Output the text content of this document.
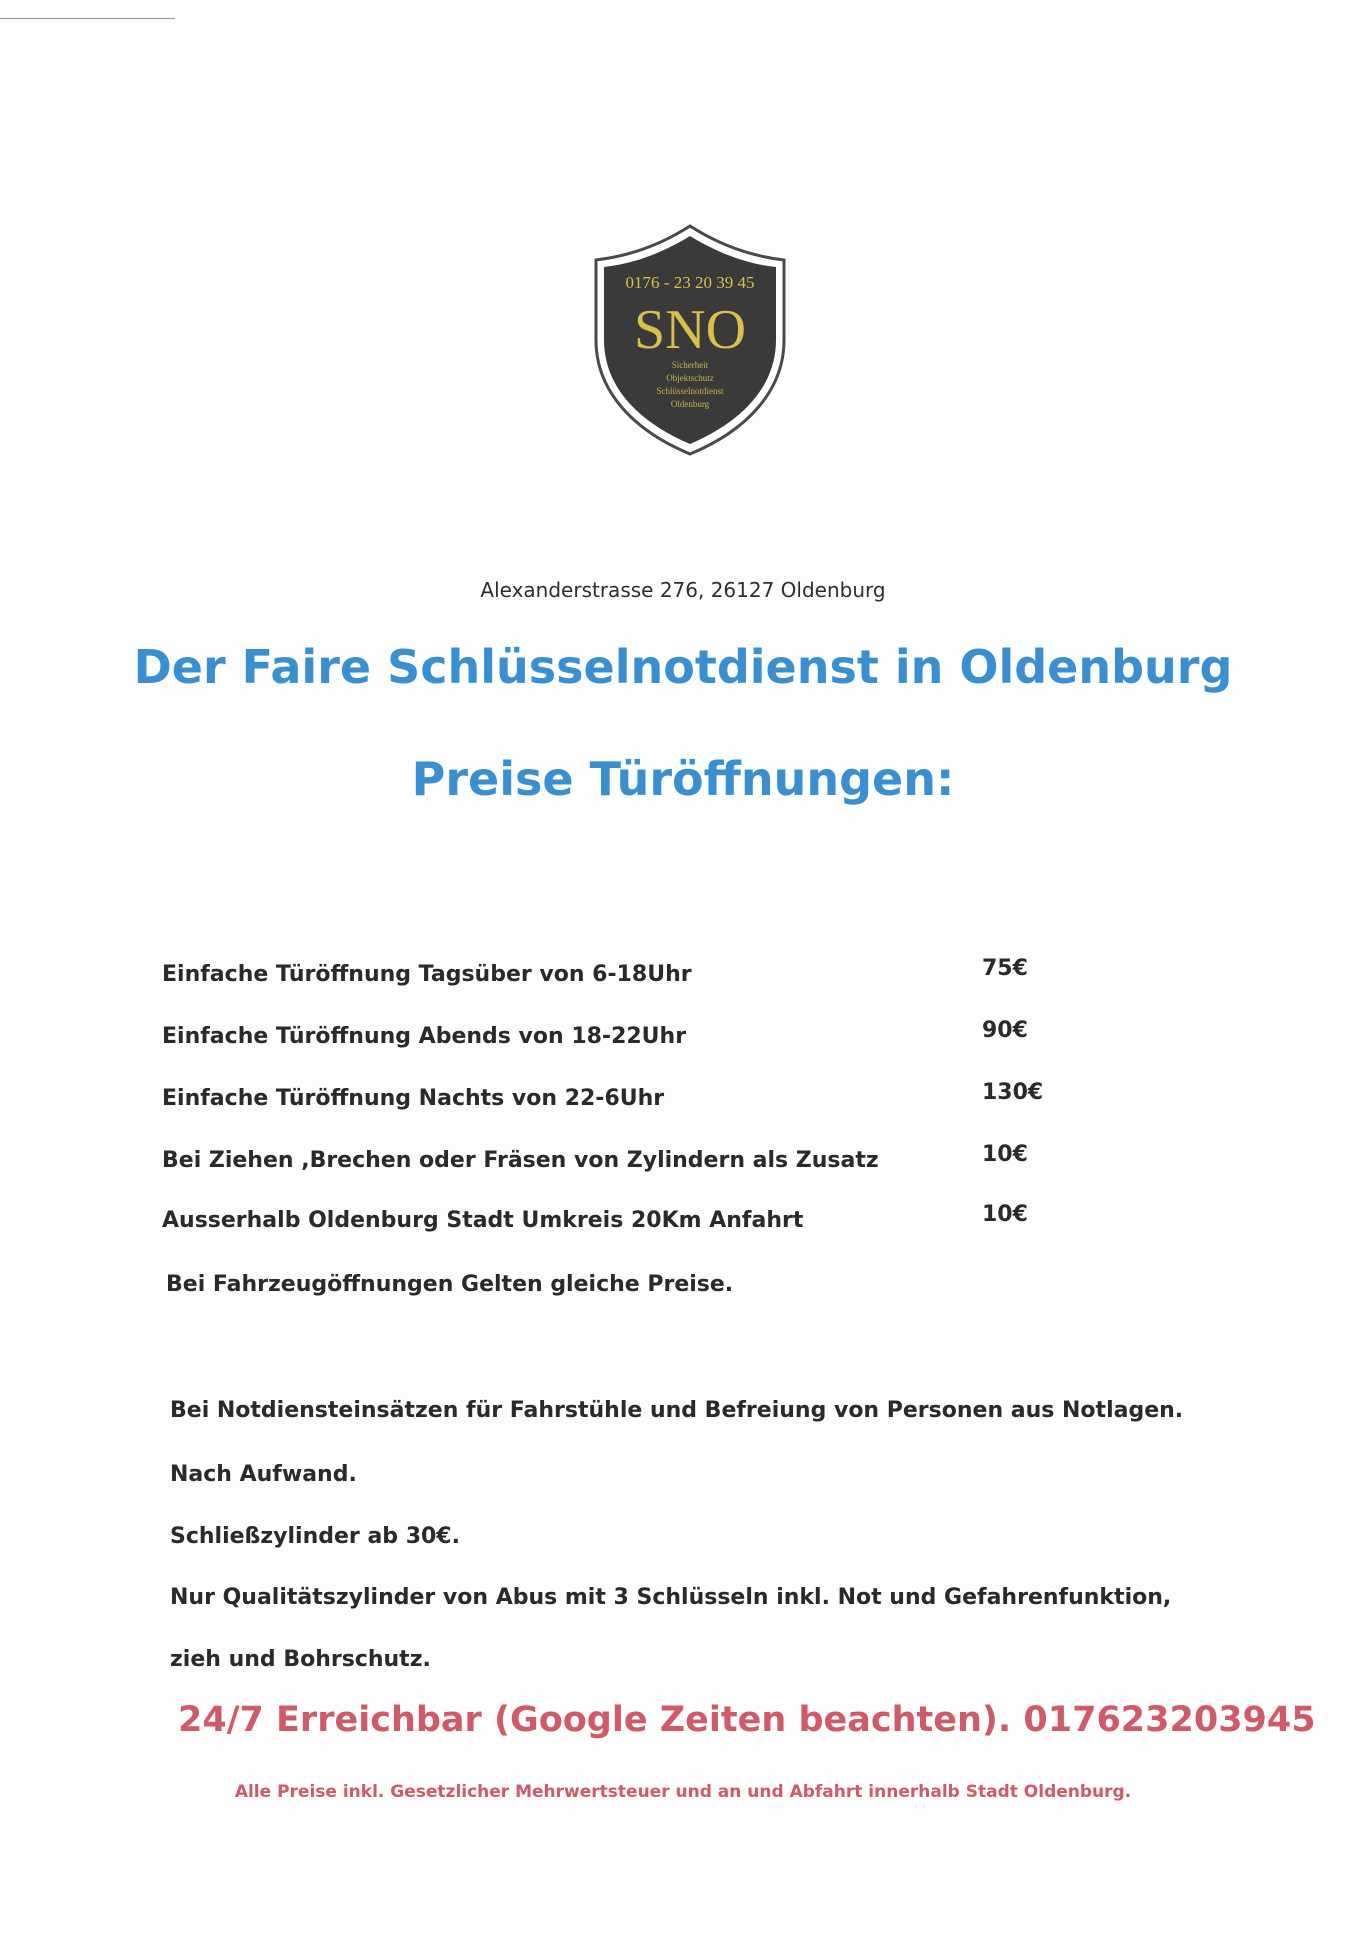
0176 - 23 20 39 45
SNO
Sicherheit
Objektschutz
Schlüsselnotdienst
Oldenburg
Alexanderstrasse 276, 26127 Oldenburg
Der Faire Schlüsselnotdienst in Oldenburg
Preise Türöffnungen:
Einfache Türöffnung Tagsüber von 6-18Uhr	75€
Einfache Türöffnung Abends von 18-22Uhr	90€
Einfache Türöffnung Nachts von 22-6Uhr	130€
Bei Ziehen ,Brechen oder Fräsen von Zylindern als Zusatz	10€
Ausserhalb Oldenburg Stadt Umkreis 20Km Anfahrt	10€
Bei Fahrzeugöffnungen Gelten gleiche Preise.
Bei Notdiensteinsätzen für Fahrstühle und Befreiung von Personen aus Notlagen.
Nach Aufwand.
Schließzylinder ab 30€.
Nur Qualitätszylinder von Abus mit 3 Schlüsseln inkl. Not und Gefahrenfunktion,
zieh und Bohrschutz.
24/7 Erreichbar (Google Zeiten beachten). 017623203945
Alle Preise inkl. Gesetzlicher Mehrwertsteuer und an und Abfahrt innerhalb Stadt Oldenburg.
